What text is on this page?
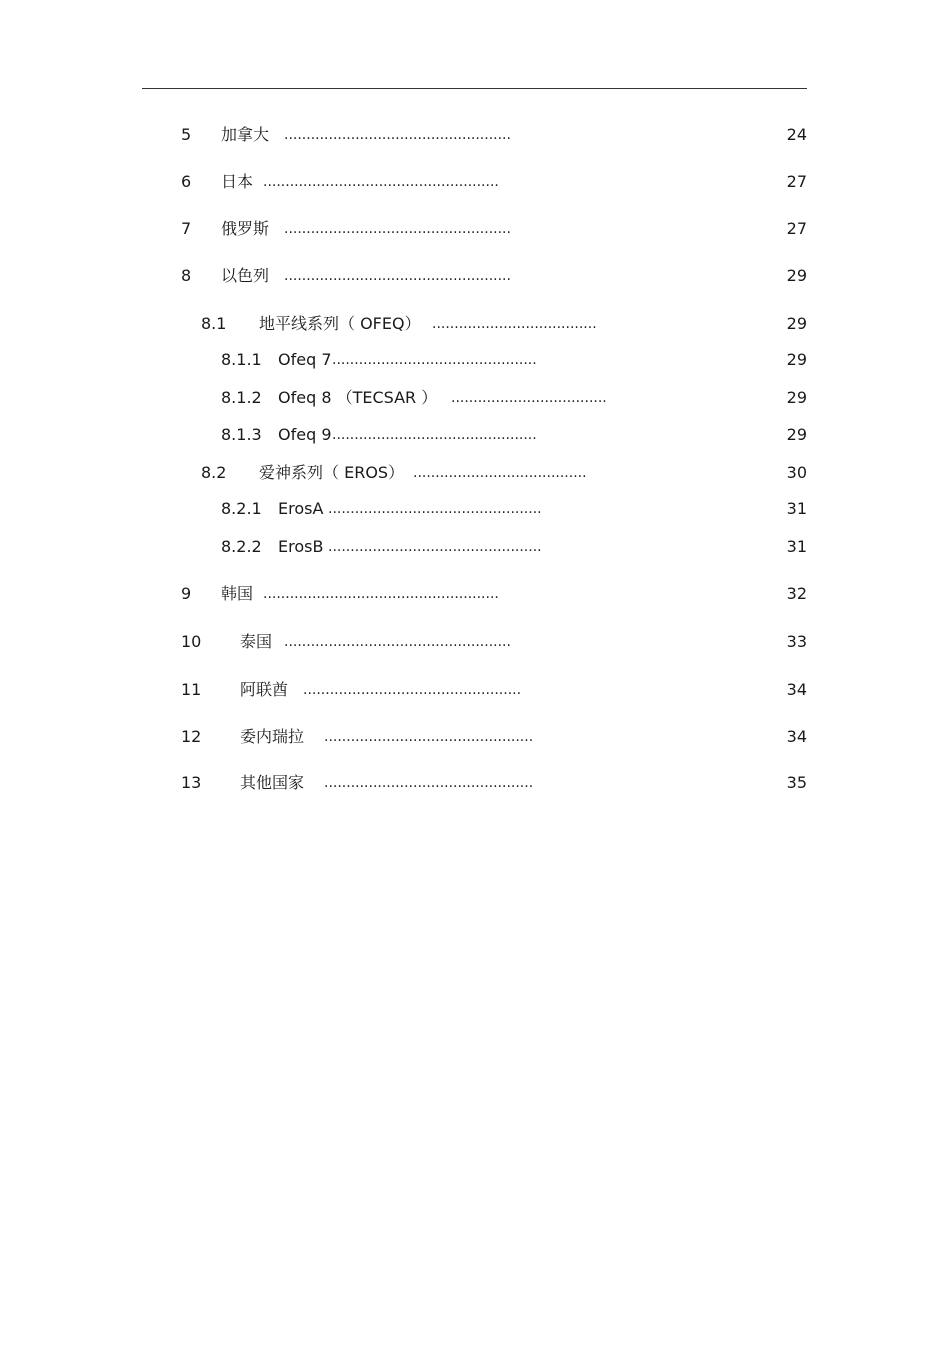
5 加拿大 ...................................................	24
6 日本 .....................................................	27
7 俄罗斯 ...................................................	27
8 以色列 ...................................................	29
8.1 地平线系列（ OFEQ） .....................................	29
8.1.1 Ofeq 7 ..............................................	29
8.1.2 Ofeq 8 （TECSAR ） ...................................	29
8.1.3 Ofeq 9 ..............................................	29
8.2 爱神系列（ EROS） .......................................	30
8.2.1 ErosA ................................................	31
8.2.2 ErosB ................................................	31
9 韩国 .....................................................	32
10 泰国 ...................................................	33
11 阿联酋 .................................................	34
12 委内瑞拉 ...............................................	34
13 其他国家 ...............................................	35
